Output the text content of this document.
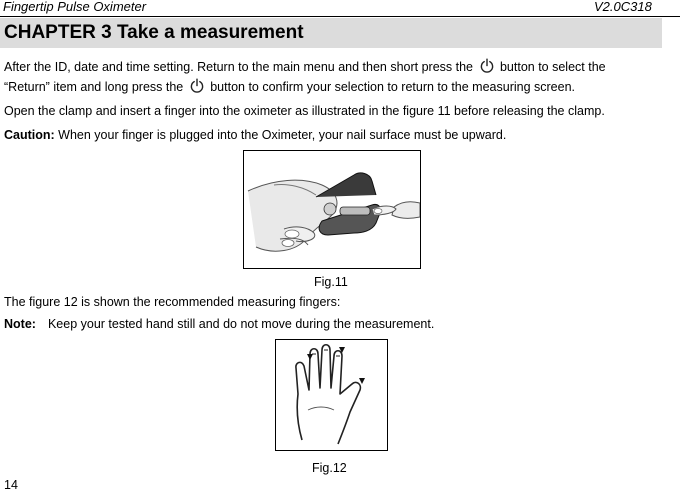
Fingertip Pulse Oximeter	V2.0C318
CHAPTER 3 Take a measurement
After the ID, date and time setting. Return to the main menu and then short press the button to select the
“Return” item and long press the button to confirm your selection to return to the measuring screen.
Open the clamp and insert a finger into the oximeter as illustrated in the figure 11 before releasing the clamp.
Caution: When your finger is plugged into the Oximeter, your nail surface must be upward.
Fig.11
The figure 12 is shown the recommended measuring fingers:
Note: Keep your tested hand still and do not move during the measurement.
Fig.12
14
